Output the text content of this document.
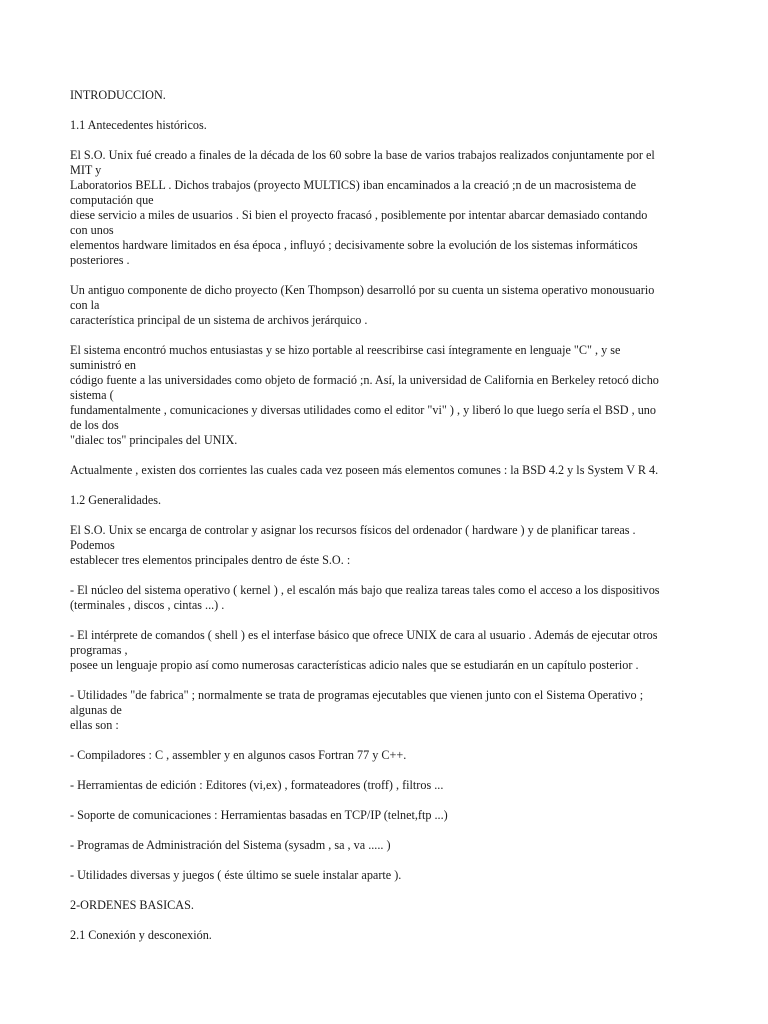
INTRODUCCION.
1.1 Antecedentes históricos.
El S.O. Unix fué creado a finales de la década de los 60 sobre la base de varios trabajos realizados conjuntamente por el
MIT y
Laboratorios BELL . Dichos trabajos (proyecto MULTICS) iban encaminados a la creació ;n de un macrosistema de
computación que
diese servicio a miles de usuarios . Si bien el proyecto fracasó , posiblemente por intentar abarcar demasiado contando
con unos
elementos hardware limitados en ésa época , influyó ; decisivamente sobre la evolución de los sistemas informáticos
posteriores .
Un antiguo componente de dicho proyecto (Ken Thompson) desarrolló por su cuenta un sistema operativo monousuario
con la
característica principal de un sistema de archivos jerárquico .
El sistema encontró muchos entusiastas y se hizo portable al reescribirse casi íntegramente en lenguaje "C" , y se
suministró en
código fuente a las universidades como objeto de formació ;n. Así, la universidad de California en Berkeley retocó dicho
sistema (
fundamentalmente , comunicaciones y diversas utilidades como el editor "vi" ) , y liberó lo que luego sería el BSD , uno
de los dos
"dialec tos" principales del UNIX.
Actualmente , existen dos corrientes las cuales cada vez poseen más elementos comunes : la BSD 4.2 y ls System V R 4.
1.2 Generalidades.
El S.O. Unix se encarga de controlar y asignar los recursos físicos del ordenador ( hardware ) y de planificar tareas .
Podemos
establecer tres elementos principales dentro de éste S.O. :
- El núcleo del sistema operativo ( kernel ) , el escalón más bajo que realiza tareas tales como el acceso a los dispositivos
(terminales , discos , cintas ...) .
- El intérprete de comandos ( shell ) es el interfase básico que ofrece UNIX de cara al usuario . Además de ejecutar otros
programas ,
posee un lenguaje propio así como numerosas características adicio nales que se estudiarán en un capítulo posterior .
- Utilidades "de fabrica" ; normalmente se trata de programas ejecutables que vienen junto con el Sistema Operativo ;
algunas de
ellas son :
- Compiladores : C , assembler y en algunos casos Fortran 77 y C++.
- Herramientas de edición : Editores (vi,ex) , formateadores (troff) , filtros ...
- Soporte de comunicaciones : Herramientas basadas en TCP/IP (telnet,ftp ...)
- Programas de Administración del Sistema (sysadm , sa , va ..... )
- Utilidades diversas y juegos ( éste último se suele instalar aparte ).
2-ORDENES BASICAS.
2.1 Conexión y desconexión.
